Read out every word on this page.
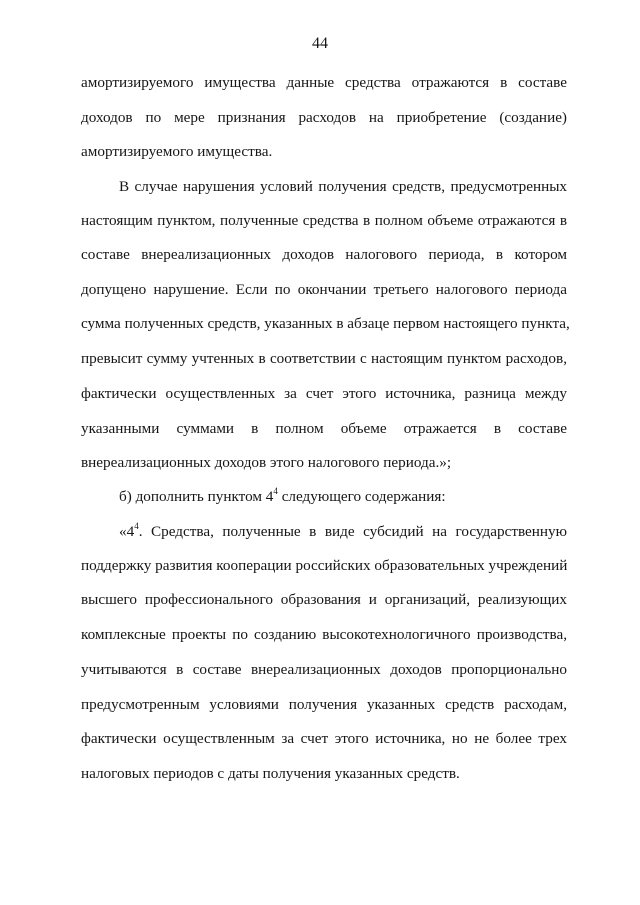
44
амортизируемого имущества данные средства отражаются в составе
доходов по мере признания расходов на приобретение (создание)
амортизируемого имущества.
В случае нарушения условий получения средств, предусмотренных
настоящим пунктом, полученные средства в полном объеме отражаются в
составе внереализационных доходов налогового периода, в котором
допущено нарушение. Если по окончании третьего налогового периода
сумма полученных средств, указанных в абзаце первом настоящего пункта,
превысит сумму учтенных в соответствии с настоящим пунктом расходов,
фактически осуществленных за счет этого источника, разница между
указанными суммами в полном объеме отражается в составе
внереализационных доходов этого налогового периода.»;
б) дополнить пунктом $4^4$ следующего содержания:
«$4^4$. Средства, полученные в виде субсидий на государственную
поддержку развития кооперации российских образовательных учреждений
высшего профессионального образования и организаций, реализующих
комплексные проекты по созданию высокотехнологичного производства,
учитываются в составе внереализационных доходов пропорционально
предусмотренным условиями получения указанных средств расходам,
фактически осуществленным за счет этого источника, но не более трех
налоговых периодов с даты получения указанных средств.
